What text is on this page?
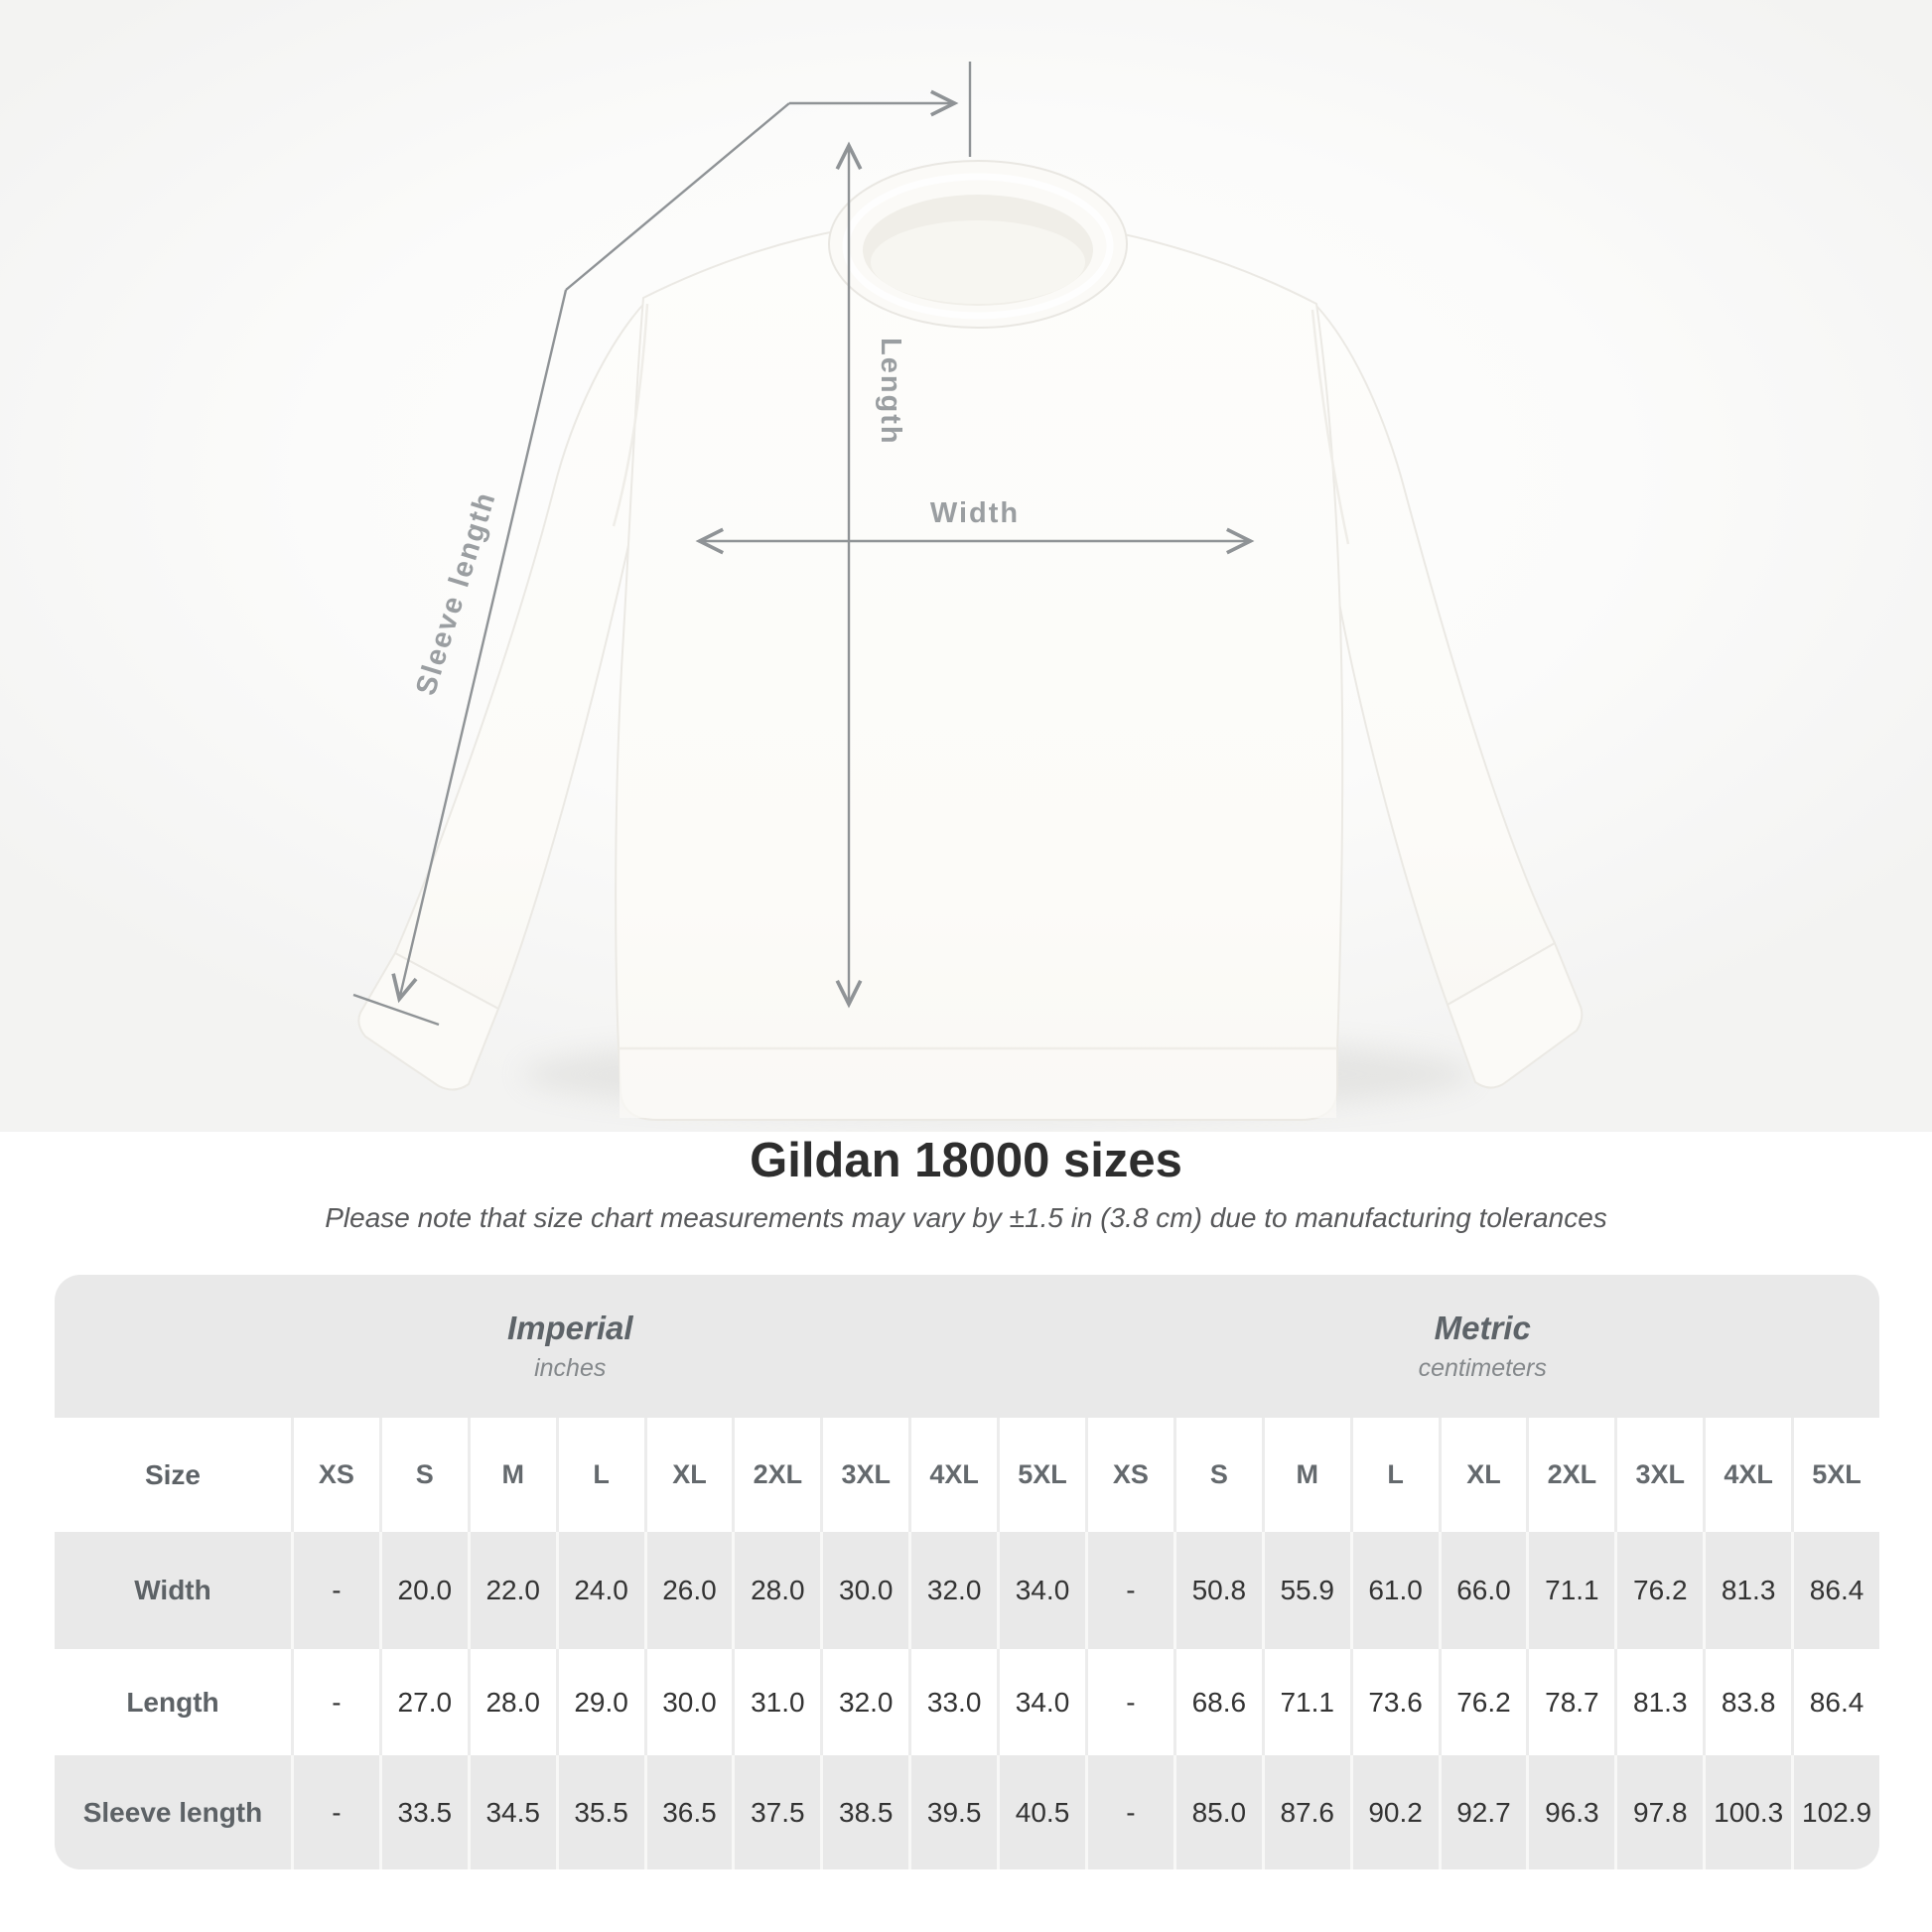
Width
Length
Sleeve length
Gildan 18000 sizes

Please note that size chart measurements may vary by ±1.5 in (3.8 cm) due to manufacturing tolerances

Imperial
inches
Metric
centimeters
Size	XS	S	M	L	XL	2XL	3XL	4XL	5XL	XS	S	M	L	XL	2XL	3XL	4XL	5XL
Width	-	20.0	22.0	24.0	26.0	28.0	30.0	32.0	34.0	-	50.8	55.9	61.0	66.0	71.1	76.2	81.3	86.4
Length	-	27.0	28.0	29.0	30.0	31.0	32.0	33.0	34.0	-	68.6	71.1	73.6	76.2	78.7	81.3	83.8	86.4
Sleeve length	-	33.5	34.5	35.5	36.5	37.5	38.5	39.5	40.5	-	85.0	87.6	90.2	92.7	96.3	97.8 100.3 102.9
